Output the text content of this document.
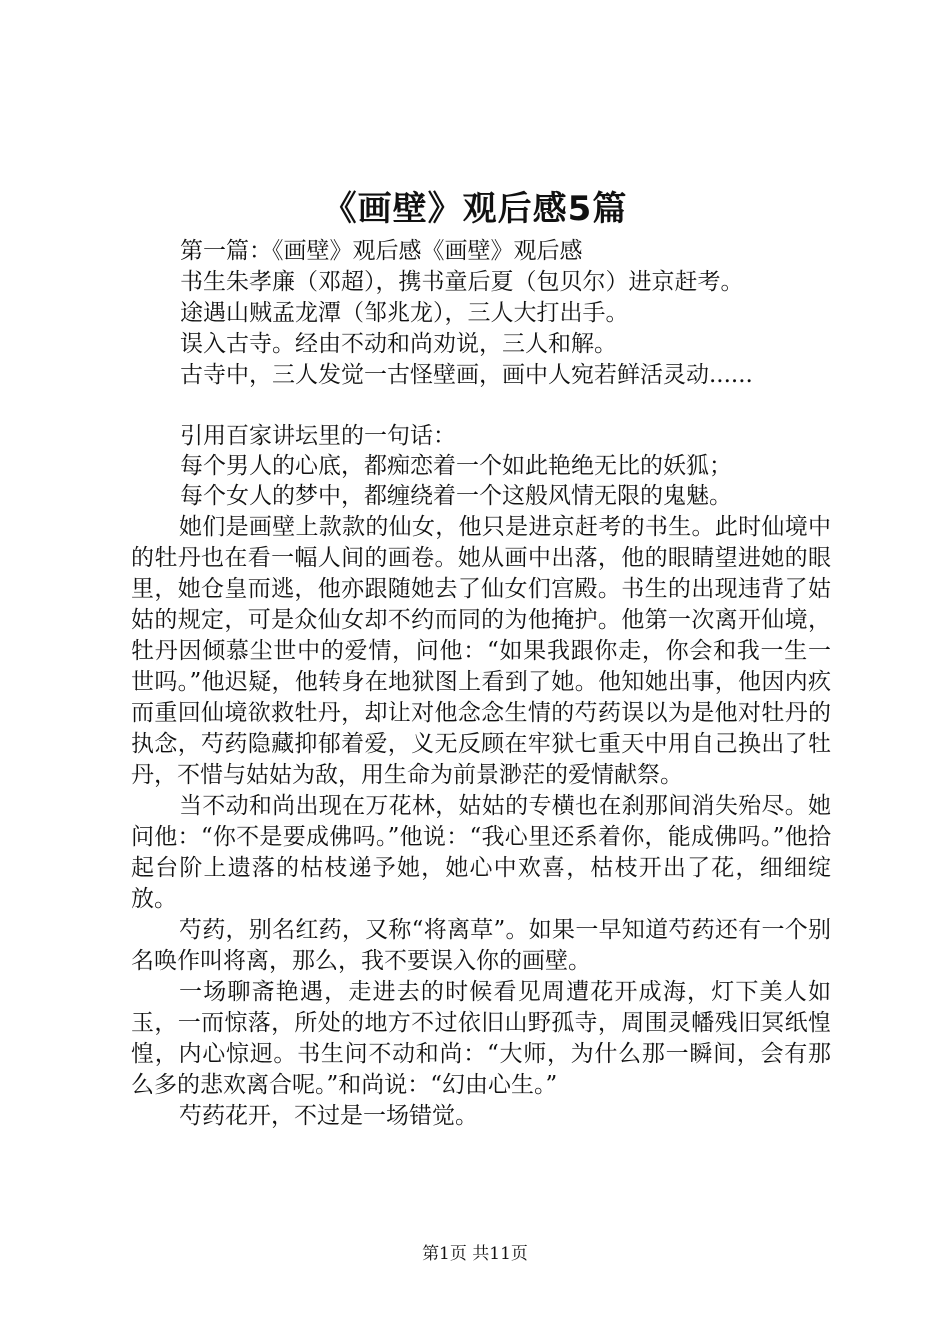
《画壁》观后感5篇

第一篇：《画壁》观后感《画壁》观后感

书生朱孝廉（邓超），携书童后夏（包贝尔）进京赶考。

途遇山贼孟龙潭（邹兆龙），三人大打出手。

误入古寺。经由不动和尚劝说，三人和解。

古寺中，三人发觉一古怪壁画，画中人宛若鲜活灵动......

引用百家讲坛里的一句话：

每个男人的心底，都痴恋着一个如此艳绝无比的妖狐；

每个女人的梦中，都缠绕着一个这般风情无限的鬼魅。

她们是画壁上款款的仙女，他只是进京赶考的书生。此时仙境中的牡丹也在看一幅人间的画卷。她从画中出落，他的眼睛望进她的眼里，她仓皇而逃，他亦跟随她去了仙女们宫殿。书生的出现违背了姑姑的规定，可是众仙女却不约而同的为他掩护。他第一次离开仙境，牡丹因倾慕尘世中的爱情，问他：“如果我跟你走，你会和我一生一世吗。”他迟疑，他转身在地狱图上看到了她。他知她出事，他因内疚而重回仙境欲救牡丹，却让对他念念生情的芍药误以为是他对牡丹的执念，芍药隐藏抑郁着爱，义无反顾在牢狱七重天中用自己换出了牡丹，不惜与姑姑为敌，用生命为前景渺茫的爱情献祭。

当不动和尚出现在万花林，姑姑的专横也在刹那间消失殆尽。她问他：“你不是要成佛吗。”他说：“我心里还系着你，能成佛吗。”他拾起台阶上遗落的枯枝递予她，她心中欢喜，枯枝开出了花，细细绽放。

芍药，别名红药，又称“将离草”。如果一早知道芍药还有一个别名唤作叫将离，那么，我不要误入你的画壁。

一场聊斋艳遇，走进去的时候看见周遭花开成海，灯下美人如玉，一而惊落，所处的地方不过依旧山野孤寺，周围灵幡残旧冥纸惶惶，内心惊迥。书生问不动和尚：“大师，为什么那一瞬间，会有那么多的悲欢离合呢。”和尚说：“幻由心生。”

芍药花开，不过是一场错觉。

第1页 共11页
